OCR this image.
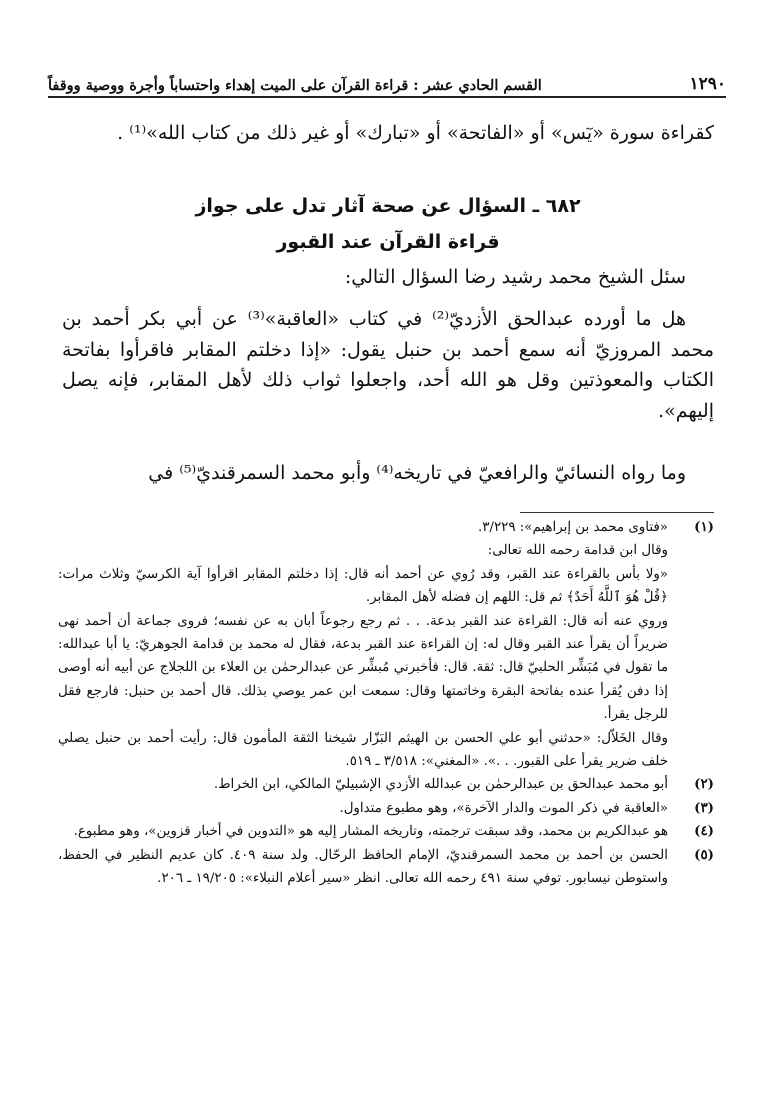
١٢٩٠
القسم الحادي عشر : قراءة القرآن على الميت إهداء واحتساباً وأجرة ووصية ووقفاً
كقراءة سورة «يٓس» أو «الفاتحة» أو «تبارك» أو غير ذلك من كتاب الله»⁽¹⁾ .
٦٨٢ ـ السؤال عن صحة آثار تدل على جواز
قراءة القرآن عند القبور
سئل الشيخ محمد رشيد رضا السؤال التالي:
هل ما أورده عبدالحق الأزديّ⁽²⁾ في كتاب «العاقبة»⁽³⁾ عن أبي بكر أحمد بن محمد المروزيّ أنه سمع أحمد بن حنبل يقول: «إذا دخلتم المقابر فاقرأوا بفاتحة الكتاب والمعوذتين وقل هو الله أحد، واجعلوا ثواب ذلك لأهل المقابر، فإنه يصل إليهم».
وما رواه النسائيّ والرافعيّ في تاريخه⁽⁴⁾ وأبو محمد السمرقنديّ⁽⁵⁾ في
(١)
«فتاوى محمد بن إبراهيم»: ٣/٢٢٩.

وقال ابن قدامة رحمه الله تعالى:

«ولا بأس بالقراءة عند القبر، وقد رُوي عن أحمد أنه قال: إذا دخلتم المقابر اقرأوا آية الكرسيّ وثلاث مرات: ﴿قُلْ هُوَ ٱللَّهُ أَحَدٌ﴾ ثم قل: اللهم إن فضله لأهل المقابر.

وروي عنه أنه قال: القراءة عند القبر بدعة. . . ثم رجع رجوعاً أبان به عن نفسه؛ فروى جماعة أن أحمد نهى ضريراً أن يقرأ عند القبر وقال له: إن القراءة عند القبر بدعة، فقال له محمد بن قدامة الجوهريّ: يا أبا عبدالله: ما تقول في مُبَشِّر الحلبيّ قال: ثقة. قال: فأخبرني مُبشِّر عن عبدالرحمٰن بن العلاء بن اللجلاج عن أبيه أنه أوصى إذا دفن يُقرأ عنده بفاتحة البقرة وخاتمتها وقال: سمعت ابن عمر يوصي بذلك. قال أحمد بن حنبل: فارجع فقل للرجل يقرأ.

وقال الخَلاّل: «حدثني أبو علي الحسن بن الهيثم البَزّار شيخنا الثقة المأمون قال: رأيت أحمد بن حنبل يصلي خلف ضرير يقرأ على القبور. . .». «المغني»: ٣/٥١٨ ـ ٥١٩.

(٢)
أبو محمد عبدالحق بن عبدالرحمٰن بن عبدالله الأزدي الإشبيليّ المالكي، ابن الخراط.
(٣)
«العاقبة في ذكر الموت والدار الآخرة»، وهو مطبوع متداول.
(٤)
هو عبدالكريم بن محمد، وقد سبقت ترجمته، وتاريخه المشار إليه هو «التدوين في أخبار قزوين»، وهو مطبوع.
(٥)
الحسن بن أحمد بن محمد السمرقنديّ، الإمام الحافظ الرحّال. ولد سنة ٤٠٩. كان عديم النظير في الحفظ، واستوطن نيسابور. توفي سنة ٤٩١ رحمه الله تعالى. انظر «سير أعلام النبلاء»: ١٩/٢٠٥ ـ ٢٠٦.
